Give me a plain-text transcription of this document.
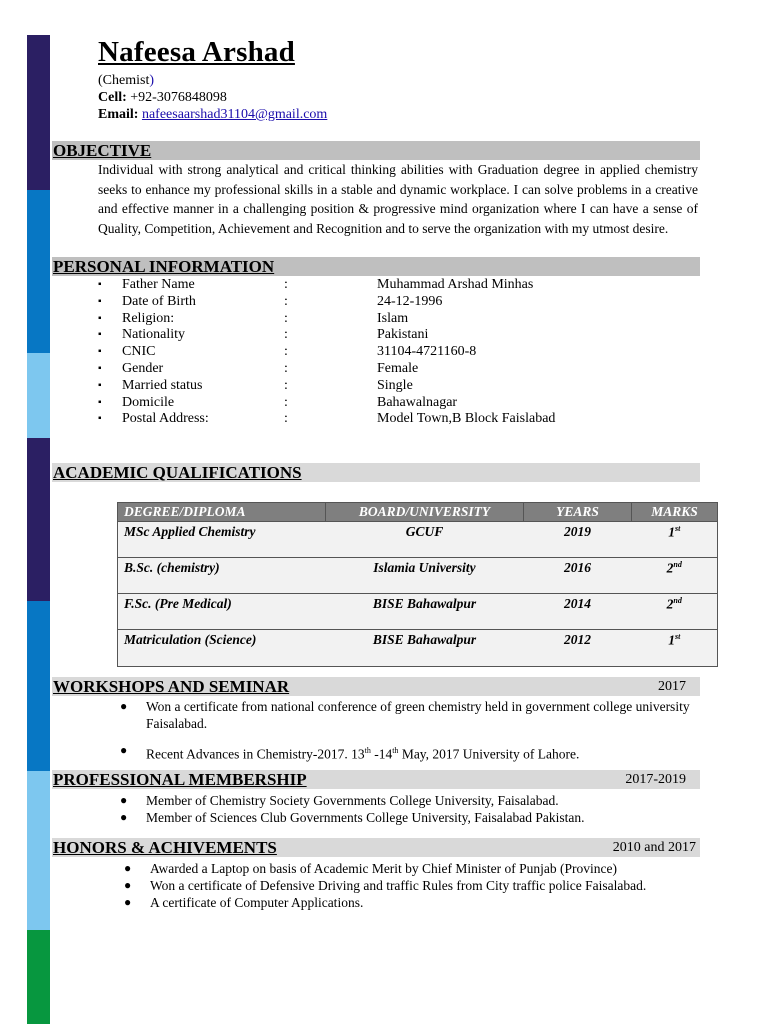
Nafeesa Arshad
(Chemist)
Cell: +92-3076848098
Email: nafeesaarshad31104@gmail.com
OBJECTIVE
Individual with strong analytical and critical thinking abilities with Graduation degree in applied chemistry seeks to enhance my professional skills in a stable and dynamic workplace. I can solve problems in a creative and effective manner in a challenging position & progressive mind organization where I can have a sense of Quality, Competition, Achievement and Recognition and to serve the organization with my utmost desire.
PERSONAL INFORMATION
▪ Father Name	:	Muhammad Arshad Minhas
▪ Date of Birth	:	24-12-1996
▪ Religion:	:	Islam
▪ Nationality	:	Pakistani
▪ CNIC	:	31104-4721160-8
▪ Gender	:	Female
▪ Married status	:	Single
▪ Domicile	:	Bahawalnagar
▪ Postal Address:	:	Model Town,B Block Faislabad
ACADEMIC QUALIFICATIONS
DEGREE/DIPLOMA	BOARD/UNIVERSITY	YEARS	MARKS
MSc Applied Chemistry	GCUF	2019	1st
B.Sc. (chemistry)	Islamia University	2016	2nd
F.Sc. (Pre Medical)	BISE Bahawalpur	2014	2nd
Matriculation (Science)	BISE Bahawalpur	2012	1st
WORKSHOPS AND SEMINAR	2017
● Won a certificate from national conference of green chemistry held in government college university Faisalabad.
● Recent Advances in Chemistry-2017. 13th -14th May, 2017 University of Lahore.
PROFESSIONAL MEMBERSHIP	2017-2019
● Member of Chemistry Society Governments College University, Faisalabad.
● Member of Sciences Club Governments College University, Faisalabad Pakistan.
HONORS & ACHIVEMENTS	2010 and 2017
● Awarded a Laptop on basis of Academic Merit by Chief Minister of Punjab (Province)
● Won a certificate of Defensive Driving and traffic Rules from City traffic police Faisalabad.
● A certificate of Computer Applications.
